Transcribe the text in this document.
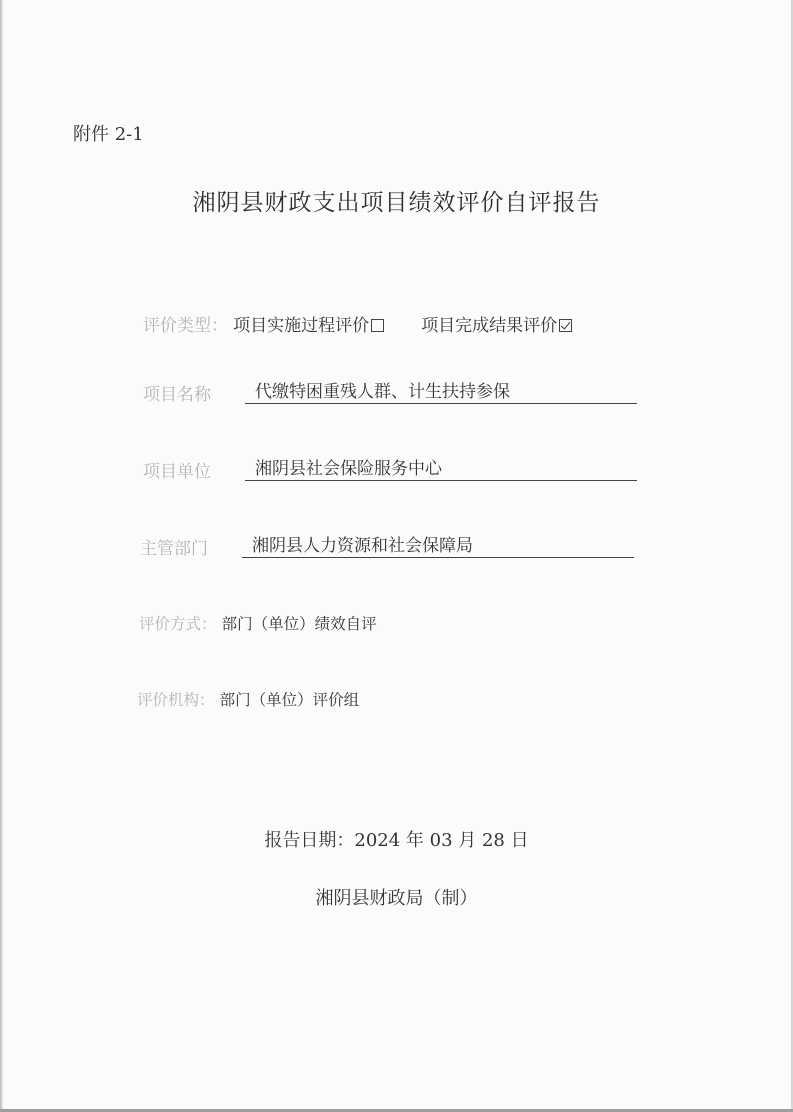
附件 2-1
湘阴县财政支出项目绩效评价自评报告
评价类型： 项目实施过程评价	项目完成结果评价
项目名称	代缴特困重残人群、计生扶持参保
项目单位	湘阴县社会保险服务中心
主管部门	湘阴县人力资源和社会保障局
评价方式： 部门（单位）绩效自评
评价机构： 部门（单位）评价组
报告日期：2024 年 03 月 28 日
湘阴县财政局（制）
